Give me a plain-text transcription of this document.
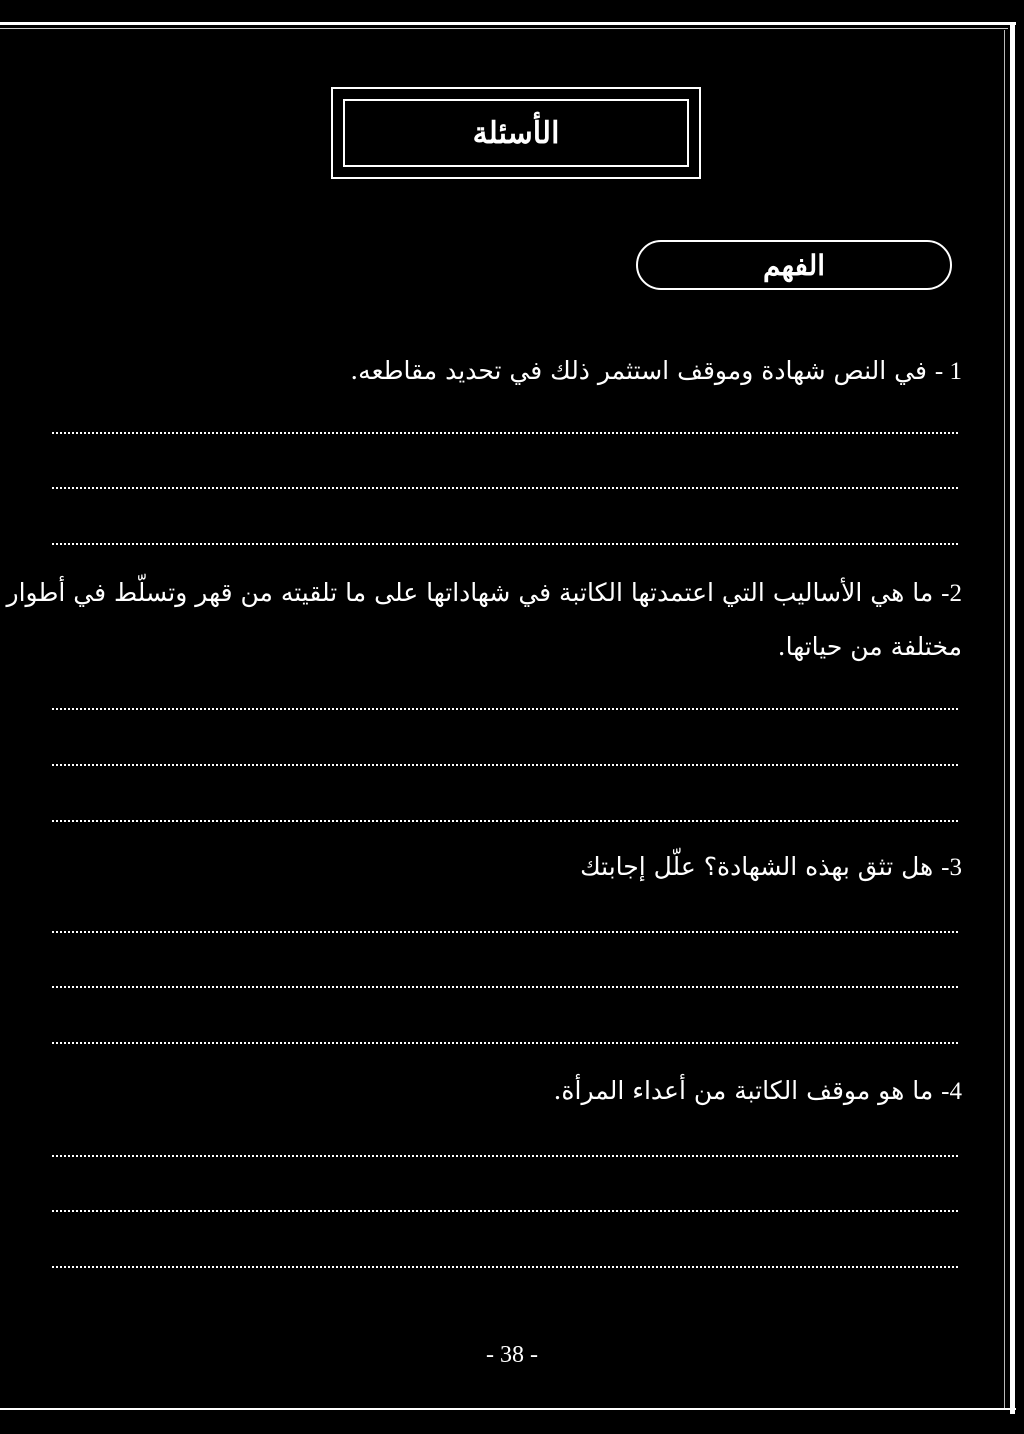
الأسئلة
الفهم
1 - في النص شهادة وموقف استثمر ذلك في تحديد مقاطعه.
2- ما هي الأساليب التي اعتمدتها الكاتبة في شهاداتها على ما تلقيته من قهر وتسلّط في أطوار
مختلفة من حياتها.
3- هل تثق بهذه الشهادة؟ علّل إجابتك
4- ما هو موقف الكاتبة من أعداء المرأة.
- 38 -
